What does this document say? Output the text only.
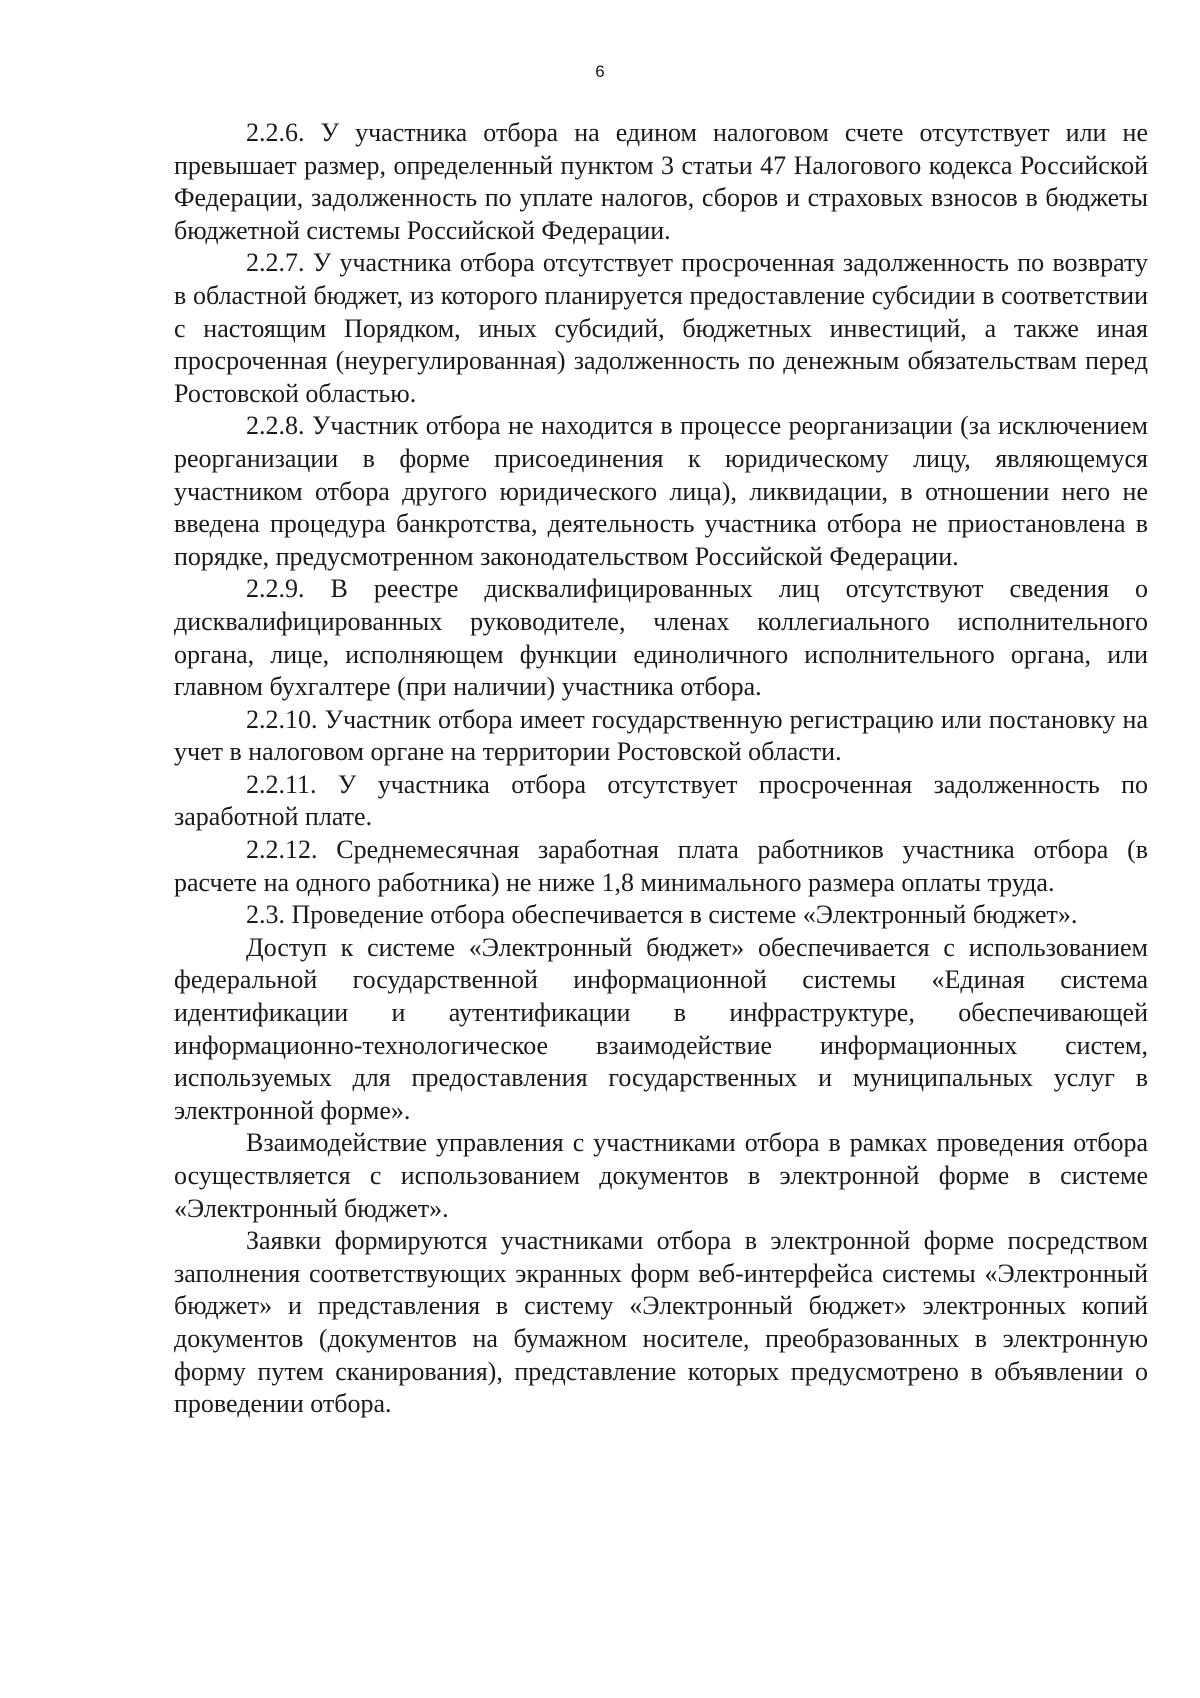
6

2.2.6. У участника отбора на едином налоговом счете отсутствует или не превышает размер, определенный пунктом 3 статьи 47 Налогового кодекса Российской Федерации, задолженность по уплате налогов, сборов и страховых взносов в бюджеты бюджетной системы Российской Федерации.

2.2.7. У участника отбора отсутствует просроченная задолженность по возврату в областной бюджет, из которого планируется предоставление субсидии в соответствии с настоящим Порядком, иных субсидий, бюджетных инвестиций, а также иная просроченная (неурегулированная) задолженность по денежным обязательствам перед Ростовской областью.

2.2.8. Участник отбора не находится в процессе реорганизации (за исключением реорганизации в форме присоединения к юридическому лицу, являющемуся участником отбора другого юридического лица), ликвидации, в отношении него не введена процедура банкротства, деятельность участника отбора не приостановлена в порядке, предусмотренном законодательством Российской Федерации.

2.2.9. В реестре дисквалифицированных лиц отсутствуют сведения о дисквалифицированных руководителе, членах коллегиального исполнительного органа, лице, исполняющем функции единоличного исполнительного органа, или главном бухгалтере (при наличии) участника отбора.

2.2.10. Участник отбора имеет государственную регистрацию или постановку на учет в налоговом органе на территории Ростовской области.

2.2.11. У участника отбора отсутствует просроченная задолженность по заработной плате.

2.2.12. Среднемесячная заработная плата работников участника отбора (в расчете на одного работника) не ниже 1,8 минимального размера оплаты труда.

2.3. Проведение отбора обеспечивается в системе «Электронный бюджет».

Доступ к системе «Электронный бюджет» обеспечивается с использованием федеральной государственной информационной системы «Единая система идентификации и аутентификации в инфраструктуре, обеспечивающей информационно-технологическое взаимодействие информационных систем, используемых для предоставления государственных и муниципальных услуг в электронной форме».

Взаимодействие управления с участниками отбора в рамках проведения отбора осуществляется с использованием документов в электронной форме в системе «Электронный бюджет».

Заявки формируются участниками отбора в электронной форме посредством заполнения соответствующих экранных форм веб-интерфейса системы «Электронный бюджет» и представления в систему «Электронный бюджет» электронных копий документов (документов на бумажном носителе, преобразованных в электронную форму путем сканирования), представление которых предусмотрено в объявлении о проведении отбора.
